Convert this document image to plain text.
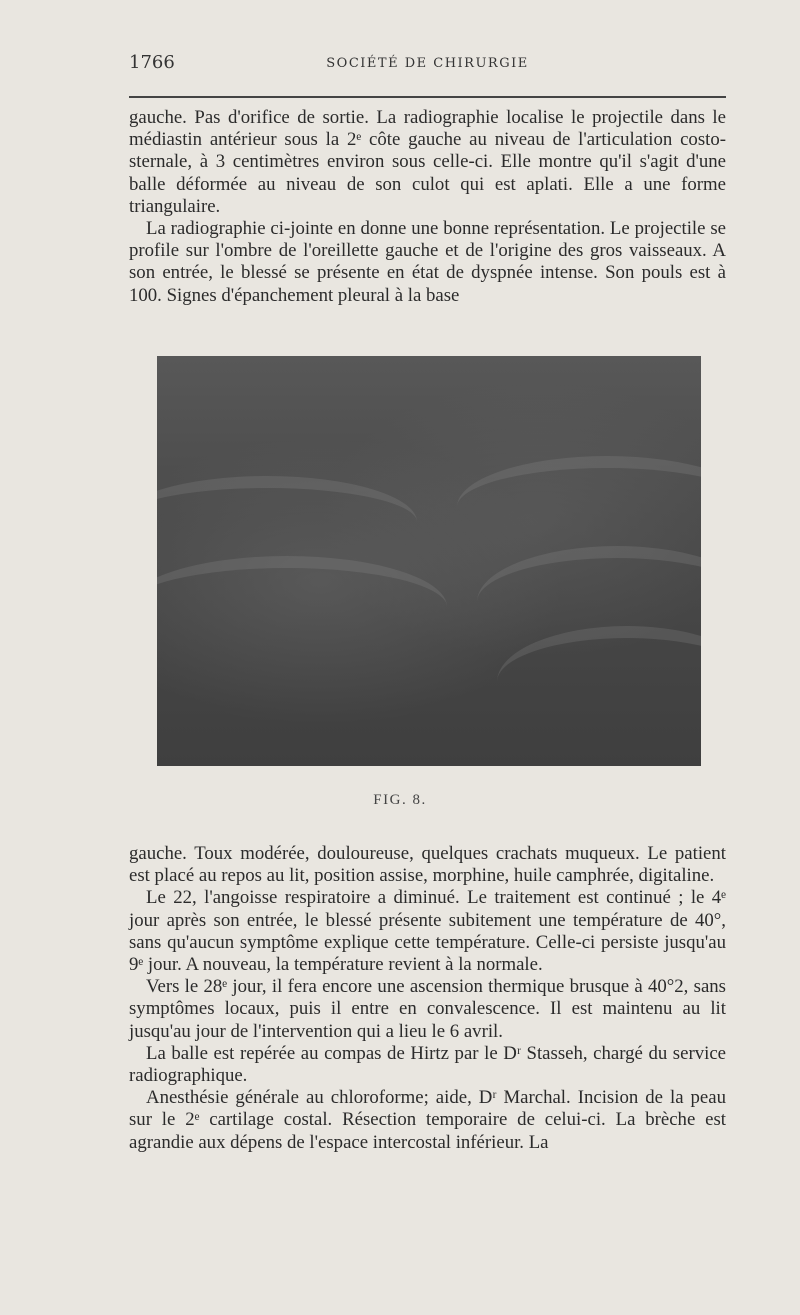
1766	SOCIÉTÉ DE CHIRURGIE

gauche. Pas d'orifice de sortie. La radiographie localise le projectile dans le médiastin antérieur sous la 2ᵉ côte gauche au niveau de l'articulation costo-sternale, à 3 centimètres environ sous celle-ci. Elle montre qu'il s'agit d'une balle déformée au niveau de son culot qui est aplati. Elle a une forme triangulaire.

La radiographie ci-jointe en donne une bonne représentation. Le projectile se profile sur l'ombre de l'oreillette gauche et de l'origine des gros vaisseaux. A son entrée, le blessé se présente en état de dyspnée intense. Son pouls est à 100. Signes d'épanchement pleural à la base

FIG. 8.

gauche. Toux modérée, douloureuse, quelques crachats muqueux. Le patient est placé au repos au lit, position assise, morphine, huile camphrée, digitaline.

Le 22, l'angoisse respiratoire a diminué. Le traitement est continué ; le 4ᵉ jour après son entrée, le blessé présente subitement une température de 40°, sans qu'aucun symptôme explique cette température. Celle-ci persiste jusqu'au 9ᵉ jour. A nouveau, la température revient à la normale.

Vers le 28ᵉ jour, il fera encore une ascension thermique brusque à 40°2, sans symptômes locaux, puis il entre en convalescence. Il est maintenu au lit jusqu'au jour de l'intervention qui a lieu le 6 avril.

La balle est repérée au compas de Hirtz par le Dʳ Stasseh, chargé du service radiographique.

Anesthésie générale au chloroforme; aide, Dʳ Marchal. Incision de la peau sur le 2ᵉ cartilage costal. Résection temporaire de celui-ci. La brèche est agrandie aux dépens de l'espace intercostal inférieur. La
